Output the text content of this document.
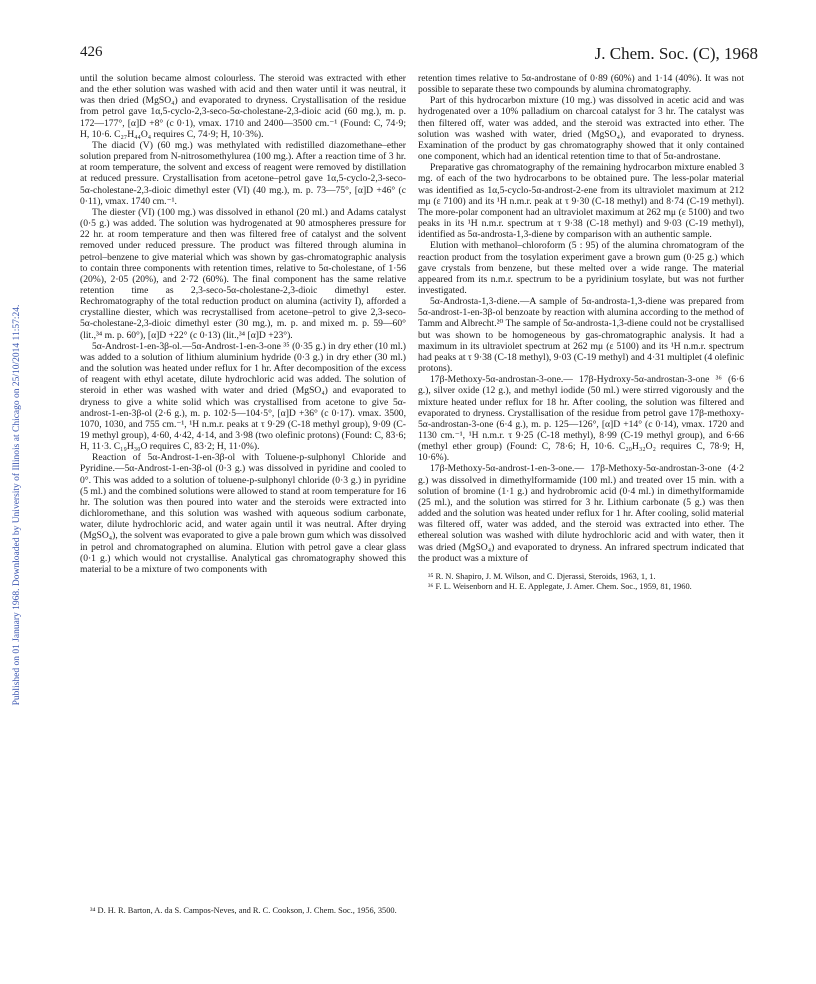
426	J. Chem. Soc. (C), 1968
Published on 01 January 1968. Downloaded by University of Illinois at Chicago on 25/10/2014 11:57:24.

until the solution became almost colourless. The steroid was extracted with ether and the ether solution was washed with acid and then water until it was neutral, it was then dried (MgSO₄) and evaporated to dryness. Crystallisation of the residue from petrol gave 1α,5-cyclo-2,3-seco-5α-cholestane-2,3-dioic acid (60 mg.), m. p. 172—177°, [α]D +8° (c 0·1), νmax. 1710 and 2400—3500 cm.⁻¹ (Found: C, 74·9; H, 10·6. C₂₇H₄₄O₄ requires C, 74·9; H, 10·3%).

The diacid (V) (60 mg.) was methylated with redistilled diazomethane–ether solution prepared from N-nitrosomethylurea (100 mg.). After a reaction time of 3 hr. at room temperature, the solvent and excess of reagent were removed by distillation at reduced pressure. Crystallisation from acetone–petrol gave 1α,5-cyclo-2,3-seco-5α-cholestane-2,3-dioic dimethyl ester (VI) (40 mg.), m. p. 73—75°, [α]D +46° (c 0·11), νmax. 1740 cm.⁻¹.

The diester (VI) (100 mg.) was dissolved in ethanol (20 ml.) and Adams catalyst (0·5 g.) was added. The solution was hydrogenated at 90 atmospheres pressure for 22 hr. at room temperature and then was filtered free of catalyst and the solvent removed under reduced pressure. The product was filtered through alumina in petrol–benzene to give material which was shown by gas-chromatographic analysis to contain three components with retention times, relative to 5α-cholestane, of 1·56 (20%), 2·05 (20%), and 2·72 (60%). The final component has the same relative retention time as 2,3-seco-5α-cholestane-2,3-dioic dimethyl ester. Rechromatography of the total reduction product on alumina (activity I), afforded a crystalline diester, which was recrystallised from acetone–petrol to give 2,3-seco-5α-cholestane-2,3-dioic dimethyl ester (30 mg.), m. p. and mixed m. p. 59—60° (lit.,³⁴ m. p. 60°), [α]D +22° (c 0·13) (lit.,³⁴ [α]D +23°).

5α-Androst-1-en-3β-ol.—5α-Androst-1-en-3-one ³⁵ (0·35 g.) in dry ether (10 ml.) was added to a solution of lithium aluminium hydride (0·3 g.) in dry ether (30 ml.) and the solution was heated under reflux for 1 hr. After decomposition of the excess of reagent with ethyl acetate, dilute hydrochloric acid was added. The solution of steroid in ether was washed with water and dried (MgSO₄) and evaporated to dryness to give a white solid which was crystallised from acetone to give 5α-androst-1-en-3β-ol (2·6 g.), m. p. 102·5—104·5°, [α]D +36° (c 0·17). νmax. 3500, 1070, 1030, and 755 cm.⁻¹, ¹H n.m.r. peaks at τ 9·29 (C-18 methyl group), 9·09 (C-19 methyl group), 4·60, 4·42, 4·14, and 3·98 (two olefinic protons) (Found: C, 83·6; H, 11·3. C₁₉H₃₀O requires C, 83·2; H, 11·0%).

Reaction of 5α-Androst-1-en-3β-ol with Toluene-p-sulphonyl Chloride and Pyridine.—5α-Androst-1-en-3β-ol (0·3 g.) was dissolved in pyridine and cooled to 0°. This was added to a solution of toluene-p-sulphonyl chloride (0·3 g.) in pyridine (5 ml.) and the combined solutions were allowed to stand at room temperature for 16 hr. The solution was then poured into water and the steroids were extracted into dichloromethane, and this solution was washed with aqueous sodium carbonate, water, dilute hydrochloric acid, and water again until it was neutral. After drying (MgSO₄), the solvent was evaporated to give a pale brown gum which was dissolved in petrol and chromatographed on alumina. Elution with petrol gave a clear glass (0·1 g.) which would not crystallise. Analytical gas chromatography showed this material to be a mixture of two components with

³⁴ D. H. R. Barton, A. da S. Campos-Neves, and R. C. Cookson, J. Chem. Soc., 1956, 3500.

retention times relative to 5α-androstane of 0·89 (60%) and 1·14 (40%). It was not possible to separate these two compounds by alumina chromatography.

Part of this hydrocarbon mixture (10 mg.) was dissolved in acetic acid and was hydrogenated over a 10% palladium on charcoal catalyst for 3 hr. The catalyst was then filtered off, water was added, and the steroid was extracted into ether. The solution was washed with water, dried (MgSO₄), and evaporated to dryness. Examination of the product by gas chromatography showed that it only contained one component, which had an identical retention time to that of 5α-androstane.

Preparative gas chromatography of the remaining hydrocarbon mixture enabled 3 mg. of each of the two hydrocarbons to be obtained pure. The less-polar material was identified as 1α,5-cyclo-5α-androst-2-ene from its ultraviolet maximum at 212 mμ (ε 7100) and its ¹H n.m.r. peak at τ 9·30 (C-18 methyl) and 8·74 (C-19 methyl). The more-polar component had an ultraviolet maximum at 262 mμ (ε 5100) and two peaks in its ¹H n.m.r. spectrum at τ 9·38 (C-18 methyl) and 9·03 (C-19 methyl), identified as 5α-androsta-1,3-diene by comparison with an authentic sample.

Elution with methanol–chloroform (5 : 95) of the alumina chromatogram of the reaction product from the tosylation experiment gave a brown gum (0·25 g.) which gave crystals from benzene, but these melted over a wide range. The material appeared from its n.m.r. spectrum to be a pyridinium tosylate, but was not further investigated.

5α-Androsta-1,3-diene.—A sample of 5α-androsta-1,3-diene was prepared from 5α-androst-1-en-3β-ol benzoate by reaction with alumina according to the method of Tamm and Albrecht.²⁰ The sample of 5α-androsta-1,3-diene could not be crystallised but was shown to be homogeneous by gas-chromatographic analysis. It had a maximum in its ultraviolet spectrum at 262 mμ (ε 5100) and its ¹H n.m.r. spectrum had peaks at τ 9·38 (C-18 methyl), 9·03 (C-19 methyl) and 4·31 multiplet (4 olefinic protons).

17β-Methoxy-5α-androstan-3-one.— 17β-Hydroxy-5α-androstan-3-one ³⁶ (6·6 g.), silver oxide (12 g.), and methyl iodide (50 ml.) were stirred vigorously and the mixture heated under reflux for 18 hr. After cooling, the solution was filtered and evaporated to dryness. Crystallisation of the residue from petrol gave 17β-methoxy-5α-androstan-3-one (6·4 g.), m. p. 125—126°, [α]D +14° (c 0·14), νmax. 1720 and 1130 cm.⁻¹, ¹H n.m.r. τ 9·25 (C-18 methyl), 8·99 (C-19 methyl group), and 6·66 (methyl ether group) (Found: C, 78·6; H, 10·6. C₂₀H₃₂O₂ requires C, 78·9; H, 10·6%).

17β-Methoxy-5α-androst-1-en-3-one.— 17β-Methoxy-5α-androstan-3-one (4·2 g.) was dissolved in dimethylformamide (100 ml.) and treated over 15 min. with a solution of bromine (1·1 g.) and hydrobromic acid (0·4 ml.) in dimethylformamide (25 ml.), and the solution was stirred for 3 hr. Lithium carbonate (5 g.) was then added and the solution was heated under reflux for 1 hr. After cooling, solid material was filtered off, water was added, and the steroid was extracted into ether. The ethereal solution was washed with dilute hydrochloric acid and with water, then it was dried (MgSO₄) and evaporated to dryness. An infrared spectrum indicated that the product was a mixture of

³⁵ R. N. Shapiro, J. M. Wilson, and C. Djerassi, Steroids, 1963, 1, 1.

³⁶ F. L. Weisenborn and H. E. Applegate, J. Amer. Chem. Soc., 1959, 81, 1960.
